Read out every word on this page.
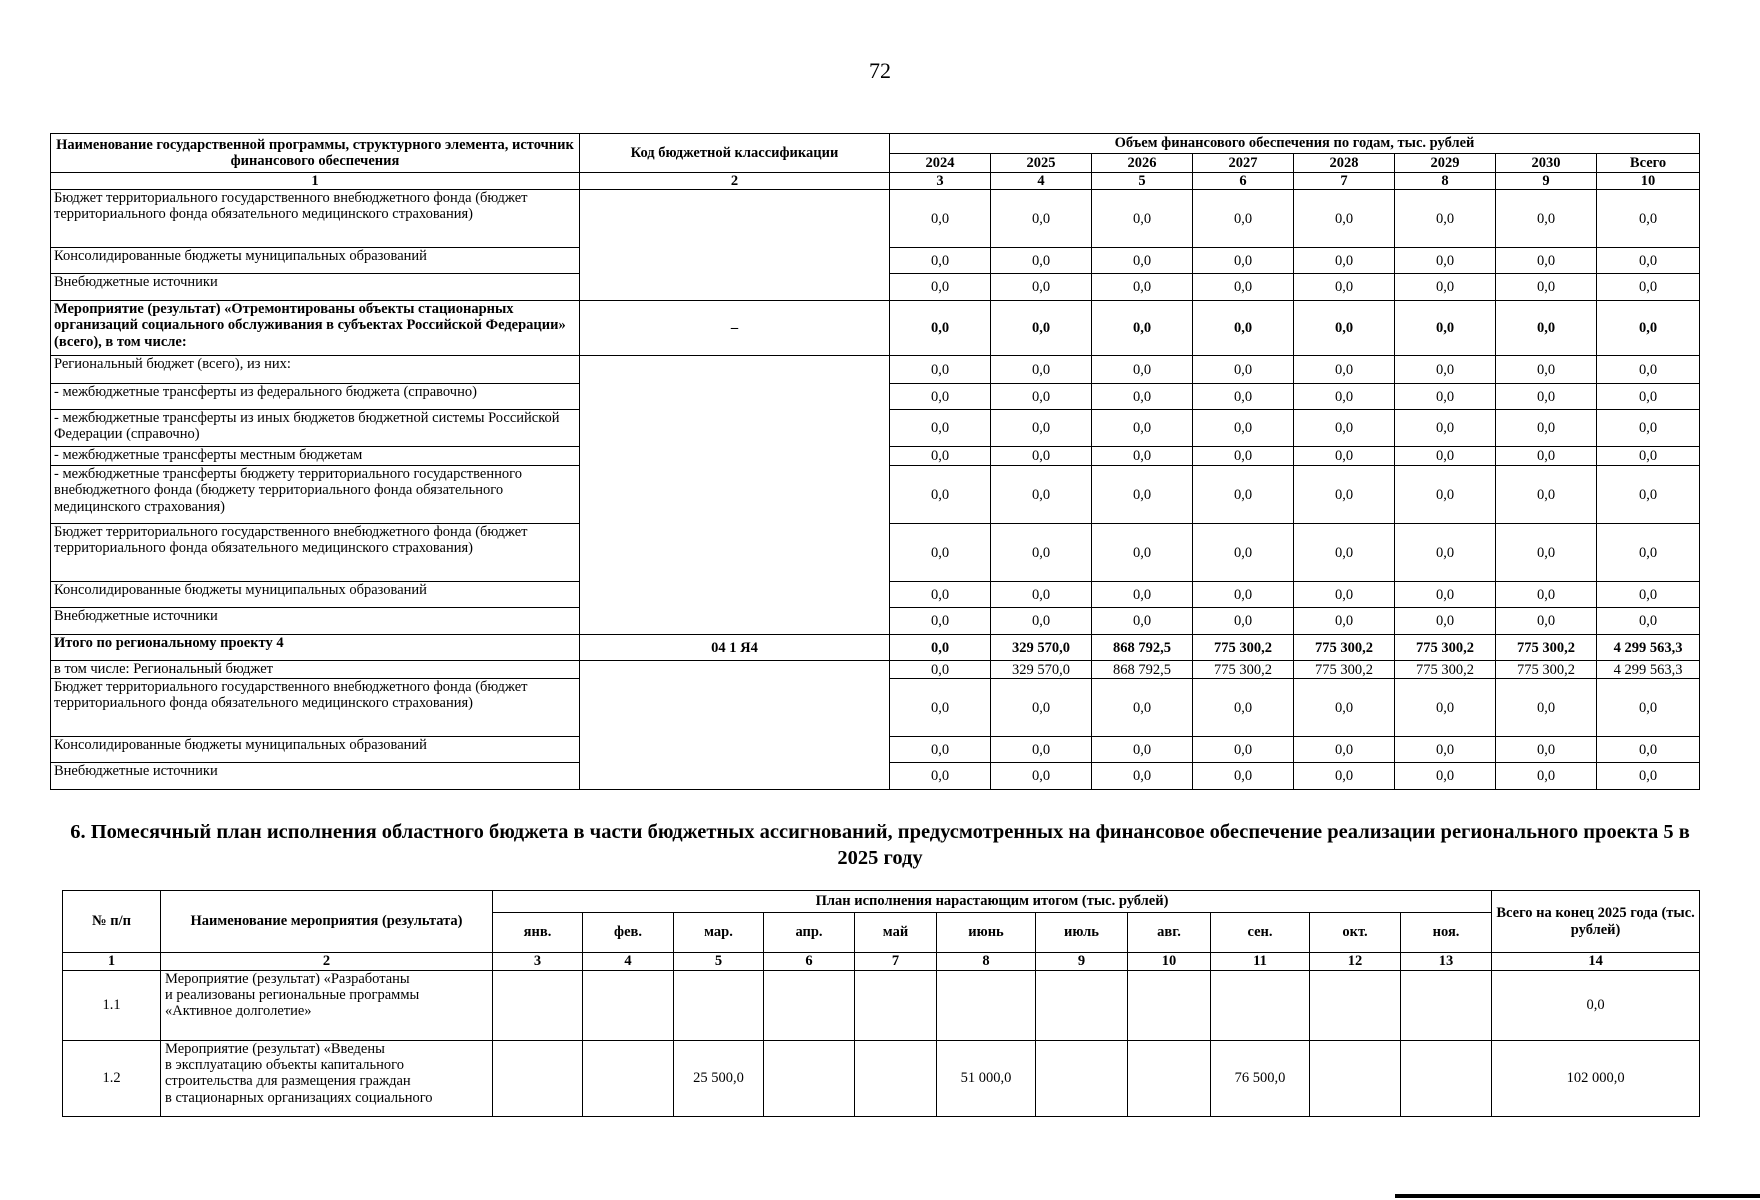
72
Наименование государственной программы, структурного элемента, источник финансового обеспечения	Код бюджетной классификации	Объем финансового обеспечения по годам, тыс. рублей							
		2024	2025	2026	2027	2028	2029	2030	Всего
1	2	3	4	5	6	7	8	9	10
Бюджет территориального государственного внебюджетного фонда (бюджет территориального фонда обязательного медицинского страхования)		0,0	0,0	0,0	0,0	0,0	0,0	0,0	0,0
Консолидированные бюджеты муниципальных образований		0,0	0,0	0,0	0,0	0,0	0,0	0,0	0,0
Внебюджетные источники		0,0	0,0	0,0	0,0	0,0	0,0	0,0	0,0
Мероприятие (результат) «Отремонтированы объекты стационарных организаций социального обслуживания в субъектах Российской Федерации» (всего), в том числе:	–	0,0	0,0	0,0	0,0	0,0	0,0	0,0	0,0
Региональный бюджет (всего), из них:		0,0	0,0	0,0	0,0	0,0	0,0	0,0	0,0
- межбюджетные трансферты из федерального бюджета (справочно)		0,0	0,0	0,0	0,0	0,0	0,0	0,0	0,0
- межбюджетные трансферты из иных бюджетов бюджетной системы Российской Федерации (справочно)		0,0	0,0	0,0	0,0	0,0	0,0	0,0	0,0
- межбюджетные трансферты местным бюджетам		0,0	0,0	0,0	0,0	0,0	0,0	0,0	0,0
- межбюджетные трансферты бюджету территориального государственного внебюджетного фонда (бюджету территориального фонда обязательного медицинского страхования)		0,0	0,0	0,0	0,0	0,0	0,0	0,0	0,0
Бюджет территориального государственного внебюджетного фонда (бюджет территориального фонда обязательного медицинского страхования)		0,0	0,0	0,0	0,0	0,0	0,0	0,0	0,0
Консолидированные бюджеты муниципальных образований		0,0	0,0	0,0	0,0	0,0	0,0	0,0	0,0
Внебюджетные источники		0,0	0,0	0,0	0,0	0,0	0,0	0,0	0,0
Итого по региональному проекту 4	04 1 Я4	0,0	329 570,0	868 792,5	775 300,2	775 300,2	775 300,2	775 300,2	4 299 563,3
в том числе: Региональный бюджет		0,0	329 570,0	868 792,5	775 300,2	775 300,2	775 300,2	775 300,2	4 299 563,3
Бюджет территориального государственного внебюджетного фонда (бюджет территориального фонда обязательного медицинского страхования)		0,0	0,0	0,0	0,0	0,0	0,0	0,0	0,0
Консолидированные бюджеты муниципальных образований		0,0	0,0	0,0	0,0	0,0	0,0	0,0	0,0
Внебюджетные источники		0,0	0,0	0,0	0,0	0,0	0,0	0,0	0,0
6. Помесячный план исполнения областного бюджета в части бюджетных ассигнований, предусмотренных на финансовое обеспечение реализации регионального проекта 5 в 2025 году
№ п/п	Наименование мероприятия (результата)	План исполнения нарастающим итогом (тыс. рублей)											Всего на конец 2025 года (тыс. рублей)
		янв.	фев.	мар.	апр.	май	июнь	июль	авг.	сен.	окт.	ноя.	
1	2	3	4	5	6	7	8	9	10	11	12	13	14
1.1	Мероприятие (результат) «Разработаны
и реализованы региональные программы
«Активное долголетие»												0,0
1.2	Мероприятие (результат) «Введены
в эксплуатацию объекты капитального
строительства для размещения граждан
в стационарных организациях социального			25 500,0			51 000,0			76 500,0			102 000,0
